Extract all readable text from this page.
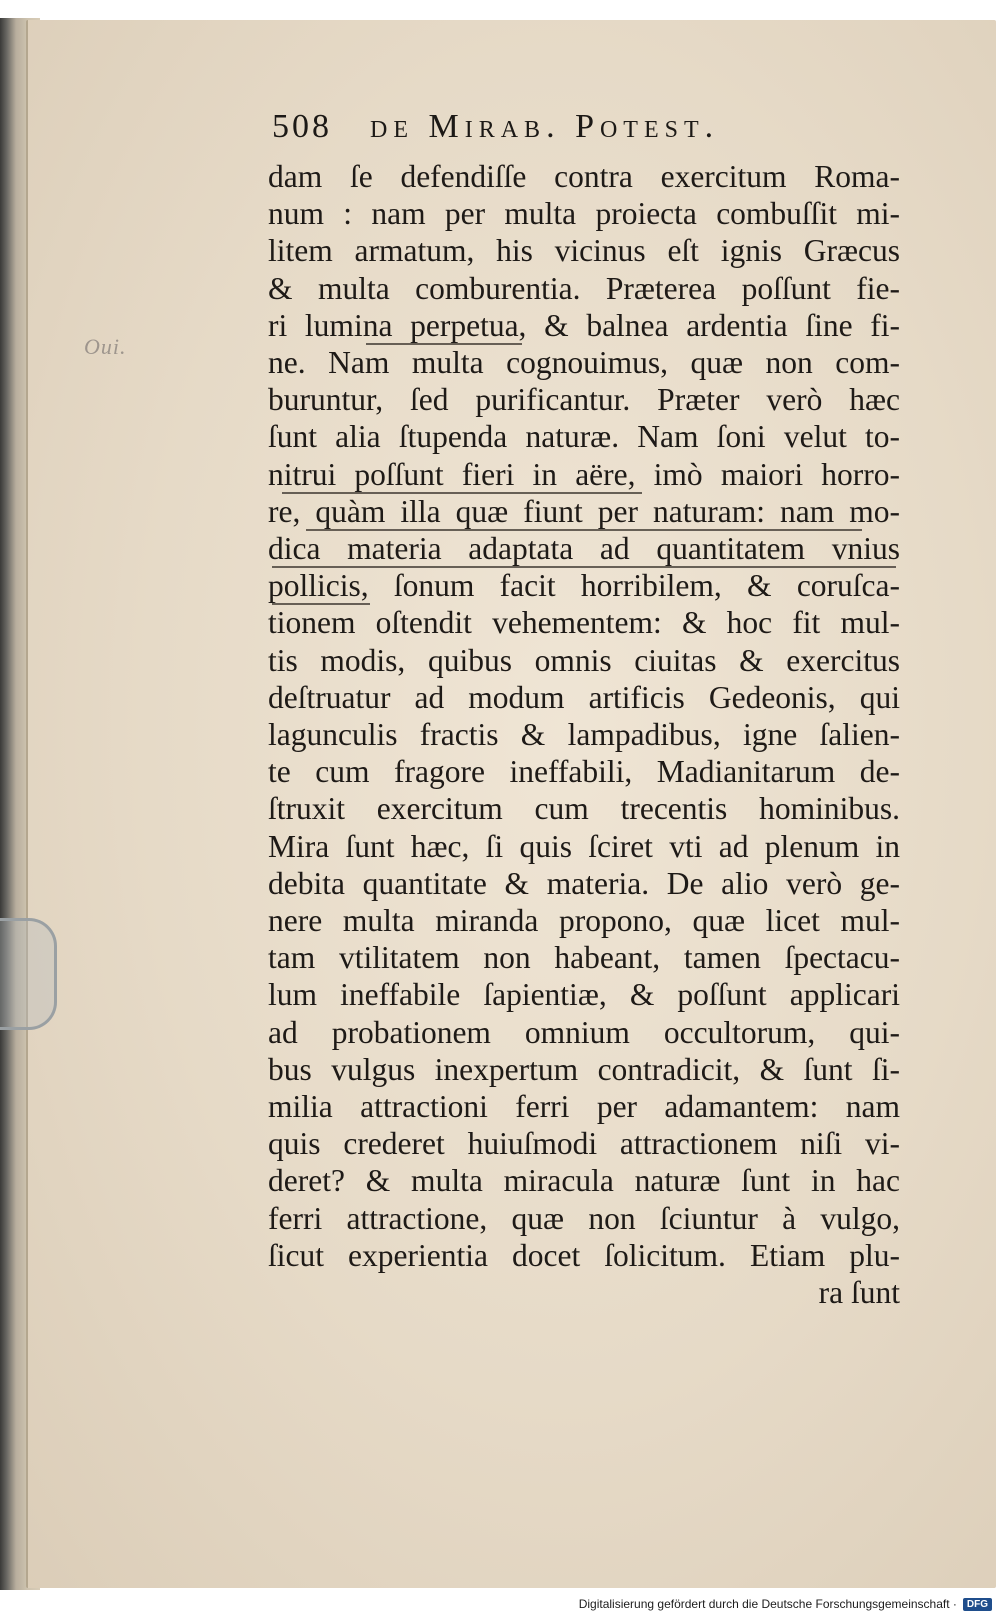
Oui.
508 de Mirab. Potest.
dam ſe defendiſſe contra exercitum Roma-
num : nam per multa proiecta combuſſit mi-
litem armatum, his vicinus eſt ignis Græcus
& multa comburentia. Præterea poſſunt fie-
ri lumina perpetua, & balnea ardentia ſine fi-
ne. Nam multa cognouimus, quæ non com-
buruntur, ſed purificantur. Præter verò hæc
ſunt alia ſtupenda naturæ. Nam ſoni velut to-
nitrui poſſunt fieri in aëre, imò maiori horro-
re, quàm illa quæ fiunt per naturam: nam mo-
dica materia adaptata ad quantitatem vnius
pollicis, ſonum facit horribilem, & coruſca-
tionem oſtendit vehementem: & hoc fit mul-
tis modis, quibus omnis ciuitas & exercitus
deſtruatur ad modum artificis Gedeonis, qui
lagunculis fractis & lampadibus, igne ſalien-
te cum fragore ineffabili, Madianitarum de-
ſtruxit exercitum cum trecentis hominibus.
Mira ſunt hæc, ſi quis ſciret vti ad plenum in
debita quantitate & materia. De alio verò ge-
nere multa miranda propono, quæ licet mul-
tam vtilitatem non habeant, tamen ſpectacu-
lum ineffabile ſapientiæ, & poſſunt applicari
ad probationem omnium occultorum, qui-
bus vulgus inexpertum contradicit, & ſunt ſi-
milia attractioni ferri per adamantem: nam
quis crederet huiuſmodi attractionem niſi vi-
deret? & multa miracula naturæ ſunt in hac
ferri attractione, quæ non ſciuntur à vulgo,
ſicut experientia docet ſolicitum. Etiam plu-
ra ſunt
Digitalisierung gefördert durch die Deutsche Forschungsgemeinschaft ·	DFG
